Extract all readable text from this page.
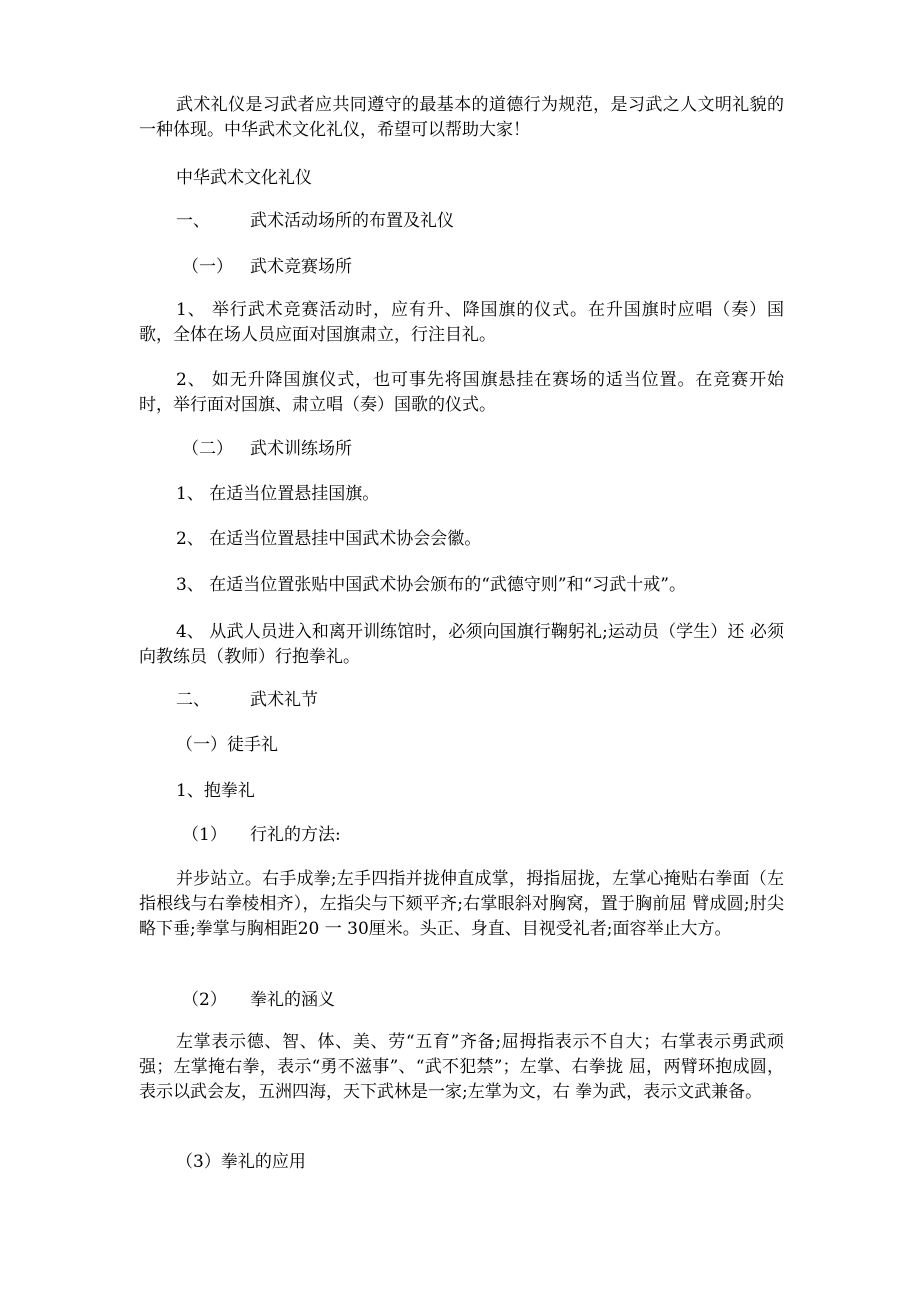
武术礼仪是习武者应共同遵守的最基本的道德行为规范，是习武之人文明礼貌的一种体现。中华武术文化礼仪，希望可以帮助大家！

中华武术文化礼仪

一、 武术活动场所的布置及礼仪

（一） 武术竞赛场所

1、 举行武术竞赛活动时，应有升、降国旗的仪式。在升国旗时应唱（奏）国歌，全体在场人员应面对国旗肃立，行注目礼。

2、 如无升降国旗仪式，也可事先将国旗悬挂在赛场的适当位置。在竞赛开始时，举行面对国旗、肃立唱（奏）国歌的仪式。

（二） 武术训练场所

1、 在适当位置悬挂国旗。

2、 在适当位置悬挂中国武术协会会徽。

3、 在适当位置张贴中国武术协会颁布的“武德守则”和“习武十戒”。

4、 从武人员进入和离开训练馆时，必须向国旗行鞠躬礼;运动员（学生）还 必须向教练员（教师）行抱拳礼。

二、 武术礼节

（一）徒手礼

1、抱拳礼

（1） 行礼的方法:

并步站立。右手成拳;左手四指并拢伸直成掌，拇指屈拢，左掌心掩贴右拳面（左指根线与右拳棱相齐），左指尖与下颏平齐;右掌眼斜对胸窝，置于胸前屈 臂成圆;肘尖略下垂;拳掌与胸相距20 一 30厘米。头正、身直、目视受礼者;面容举止大方。

（2） 拳礼的涵义

左掌表示德、智、体、美、劳“五育”齐备;屈拇指表示不自大；右掌表示勇武顽强；左掌掩右拳，表示“勇不滋事”、“武不犯禁”；左掌、右拳拢 屈，两臂环抱成圆，表示以武会友，五洲四海，天下武林是一家;左掌为文，右 拳为武，表示文武兼备。

（3）拳礼的应用
